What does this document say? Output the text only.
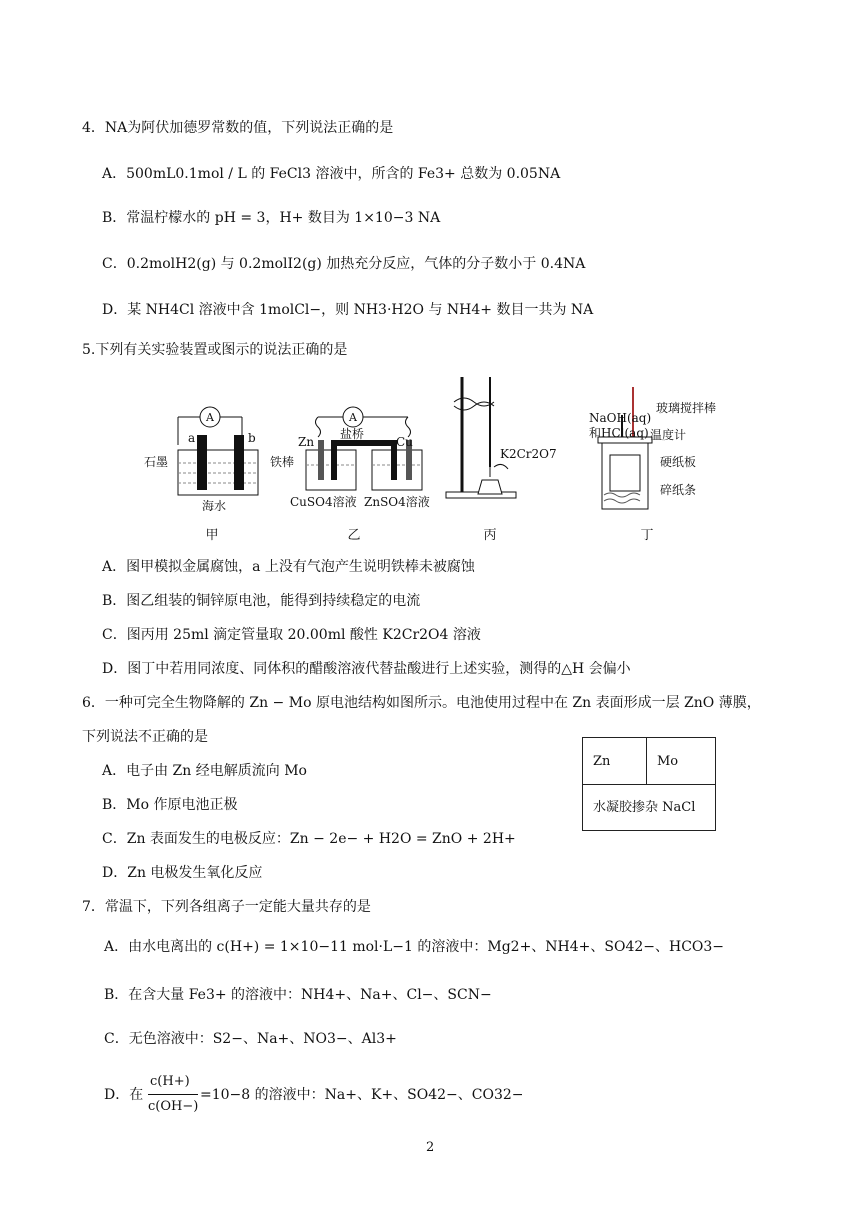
4．NA为阿伏加德罗常数的值，下列说法正确的是
A．500mL0.1mol / L 的 FeCl3 溶液中，所含的 Fe3+ 总数为 0.05NA
B．常温柠檬水的 pH = 3，H+ 数目为 1×10−3 NA
C．0.2molH2(g) 与 0.2molI2(g) 加热充分反应，气体的分子数小于 0.4NA
D．某 NH4Cl 溶液中含 1molCl−，则 NH3·H2O 与 NH4+ 数目一共为 NA
5.下列有关实验装置或图示的说法正确的是
A
a	b
石墨	铁棒
海水
甲
A
盐桥
Zn	Cu
CuSO4溶液 ZnSO4溶液
乙
K2Cr2O7
丙
NaOH(aq)
和HCl(aq)
玻璃搅拌棒
温度计
硬纸板
碎纸条
丁
A．图甲模拟金属腐蚀，a 上没有气泡产生说明铁棒未被腐蚀
B．图乙组装的铜锌原电池，能得到持续稳定的电流
C．图丙用 25ml 滴定管量取 20.00ml 酸性 K2Cr2O4 溶液
D．图丁中若用同浓度、同体积的醋酸溶液代替盐酸进行上述实验，测得的△H 会偏小
6．一种可完全生物降解的 Zn − Mo 原电池结构如图所示。电池使用过程中在 Zn 表面形成一层 ZnO 薄膜，
下列说法不正确的是
A．电子由 Zn 经电解质流向 Mo
B．Mo 作原电池正极
C．Zn 表面发生的电极反应：Zn − 2e− + H2O = ZnO + 2H+
D．Zn 电极发生氧化反应
Zn	Mo
水凝胶掺杂 NaCl
7．常温下，下列各组离子一定能大量共存的是
A．由水电离出的 c(H+) = 1×10−11 mol·L−1 的溶液中：Mg2+、NH4+、SO42−、HCO3−
B．在含大量 Fe3+ 的溶液中：NH4+、Na+、Cl−、SCN−
C．无色溶液中：S2−、Na+、NO3−、Al3+
D．在
c(H+)
c(OH−)
=10−8 的溶液中：Na+、K+、SO42−、CO32−
2
